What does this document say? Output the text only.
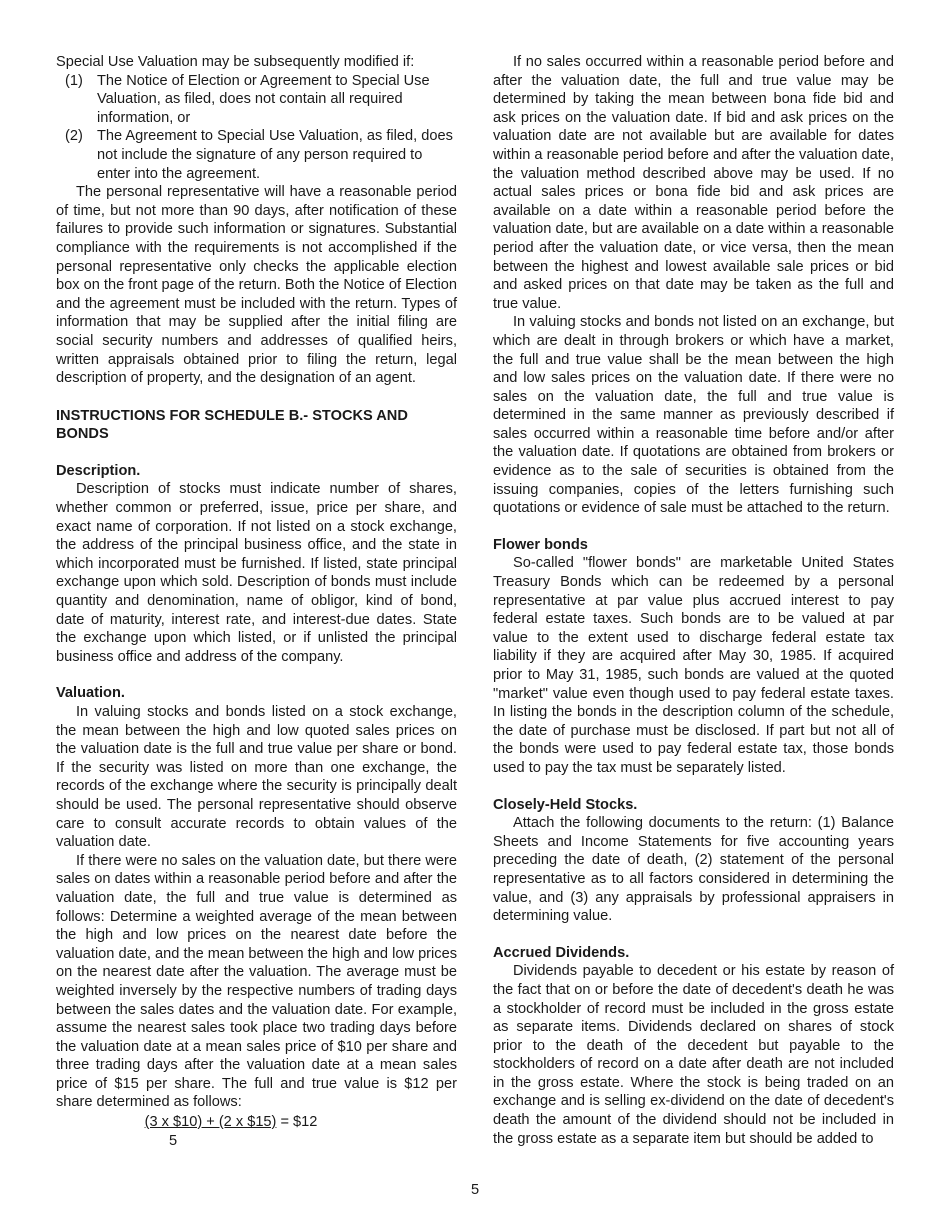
Special Use Valuation may be subsequently modified if:

(1) The Notice of Election or Agreement to Special Use Valuation, as filed, does not contain all required information, or
(2) The Agreement to Special Use Valuation, as filed, does not include the signature of any person required to enter into the agreement.

The personal representative will have a reasonable period of time, but not more than 90 days, after notification of these failures to provide such information or signatures. Substantial compliance with the requirements is not accomplished if the personal representative only checks the applicable election box on the front page of the return. Both the Notice of Election and the agreement must be included with the return. Types of information that may be supplied after the initial filing are social security numbers and addresses of qualified heirs, written appraisals obtained prior to filing the return, legal description of property, and the designation of an agent.

INSTRUCTIONS FOR SCHEDULE B.- STOCKS AND BONDS

Description.

Description of stocks must indicate number of shares, whether common or preferred, issue, price per share, and exact name of corporation. If not listed on a stock exchange, the address of the principal business office, and the state in which incorporated must be furnished. If listed, state principal exchange upon which sold. Description of bonds must include quantity and denomination, name of obligor, kind of bond, date of maturity, interest rate, and interest-due dates. State the exchange upon which listed, or if unlisted the principal business office and address of the company.

Valuation.

In valuing stocks and bonds listed on a stock exchange, the mean between the high and low quoted sales prices on the valuation date is the full and true value per share or bond. If the security was listed on more than one exchange, the records of the exchange where the security is principally dealt should be used. The personal representative should observe care to consult accurate records to obtain values of the valuation date.

If there were no sales on the valuation date, but there were sales on dates within a reasonable period before and after the valuation date, the full and true value is determined as follows: Determine a weighted average of the mean between the high and low prices on the nearest date before the valuation date, and the mean between the high and low prices on the nearest date after the valuation. The average must be weighted inversely by the respective numbers of trading days between the sales dates and the valuation date. For example, assume the nearest sales took place two trading days before the valuation date at a mean sales price of $10 per share and three trading days after the valuation date at a mean sales price of $15 per share. The full and true value is $12 per share determined as follows:

(3 x $10) + (2 x $15) = $12
5

If no sales occurred within a reasonable period before and after the valuation date, the full and true value may be determined by taking the mean between bona fide bid and ask prices on the valuation date. If bid and ask prices on the valuation date are not available but are available for dates within a reasonable period before and after the valuation date, the valuation method described above may be used. If no actual sales prices or bona fide bid and ask prices are available on a date within a reasonable period before the valuation date, but are available on a date within a reasonable period after the valuation date, or vice versa, then the mean between the highest and lowest available sale prices or bid and asked prices on that date may be taken as the full and true value.

In valuing stocks and bonds not listed on an exchange, but which are dealt in through brokers or which have a market, the full and true value shall be the mean between the high and low sales prices on the valuation date. If there were no sales on the valuation date, the full and true value is determined in the same manner as previously described if sales occurred within a reasonable time before and/or after the valuation date. If quotations are obtained from brokers or evidence as to the sale of securities is obtained from the issuing companies, copies of the letters furnishing such quotations or evidence of sale must be attached to the return.

Flower bonds

So-called "flower bonds" are marketable United States Treasury Bonds which can be redeemed by a personal representative at par value plus accrued interest to pay federal estate taxes. Such bonds are to be valued at par value to the extent used to discharge federal estate tax liability if they are acquired after May 30, 1985. If acquired prior to May 31, 1985, such bonds are valued at the quoted "market" value even though used to pay federal estate taxes. In listing the bonds in the description column of the schedule, the date of purchase must be disclosed. If part but not all of the bonds were used to pay federal estate tax, those bonds used to pay the tax must be separately listed.

Closely-Held Stocks.

Attach the following documents to the return: (1) Balance Sheets and Income Statements for five accounting years preceding the date of death, (2) statement of the personal representative as to all factors considered in determining the value, and (3) any appraisals by professional appraisers in determining value.

Accrued Dividends.

Dividends payable to decedent or his estate by reason of the fact that on or before the date of decedent's death he was a stockholder of record must be included in the gross estate as separate items. Dividends declared on shares of stock prior to the death of the decedent but payable to the stockholders of record on a date after death are not included in the gross estate. Where the stock is being traded on an exchange and is selling ex-dividend on the date of decedent's death the amount of the dividend should not be included in the gross estate as a separate item but should be added to

5
